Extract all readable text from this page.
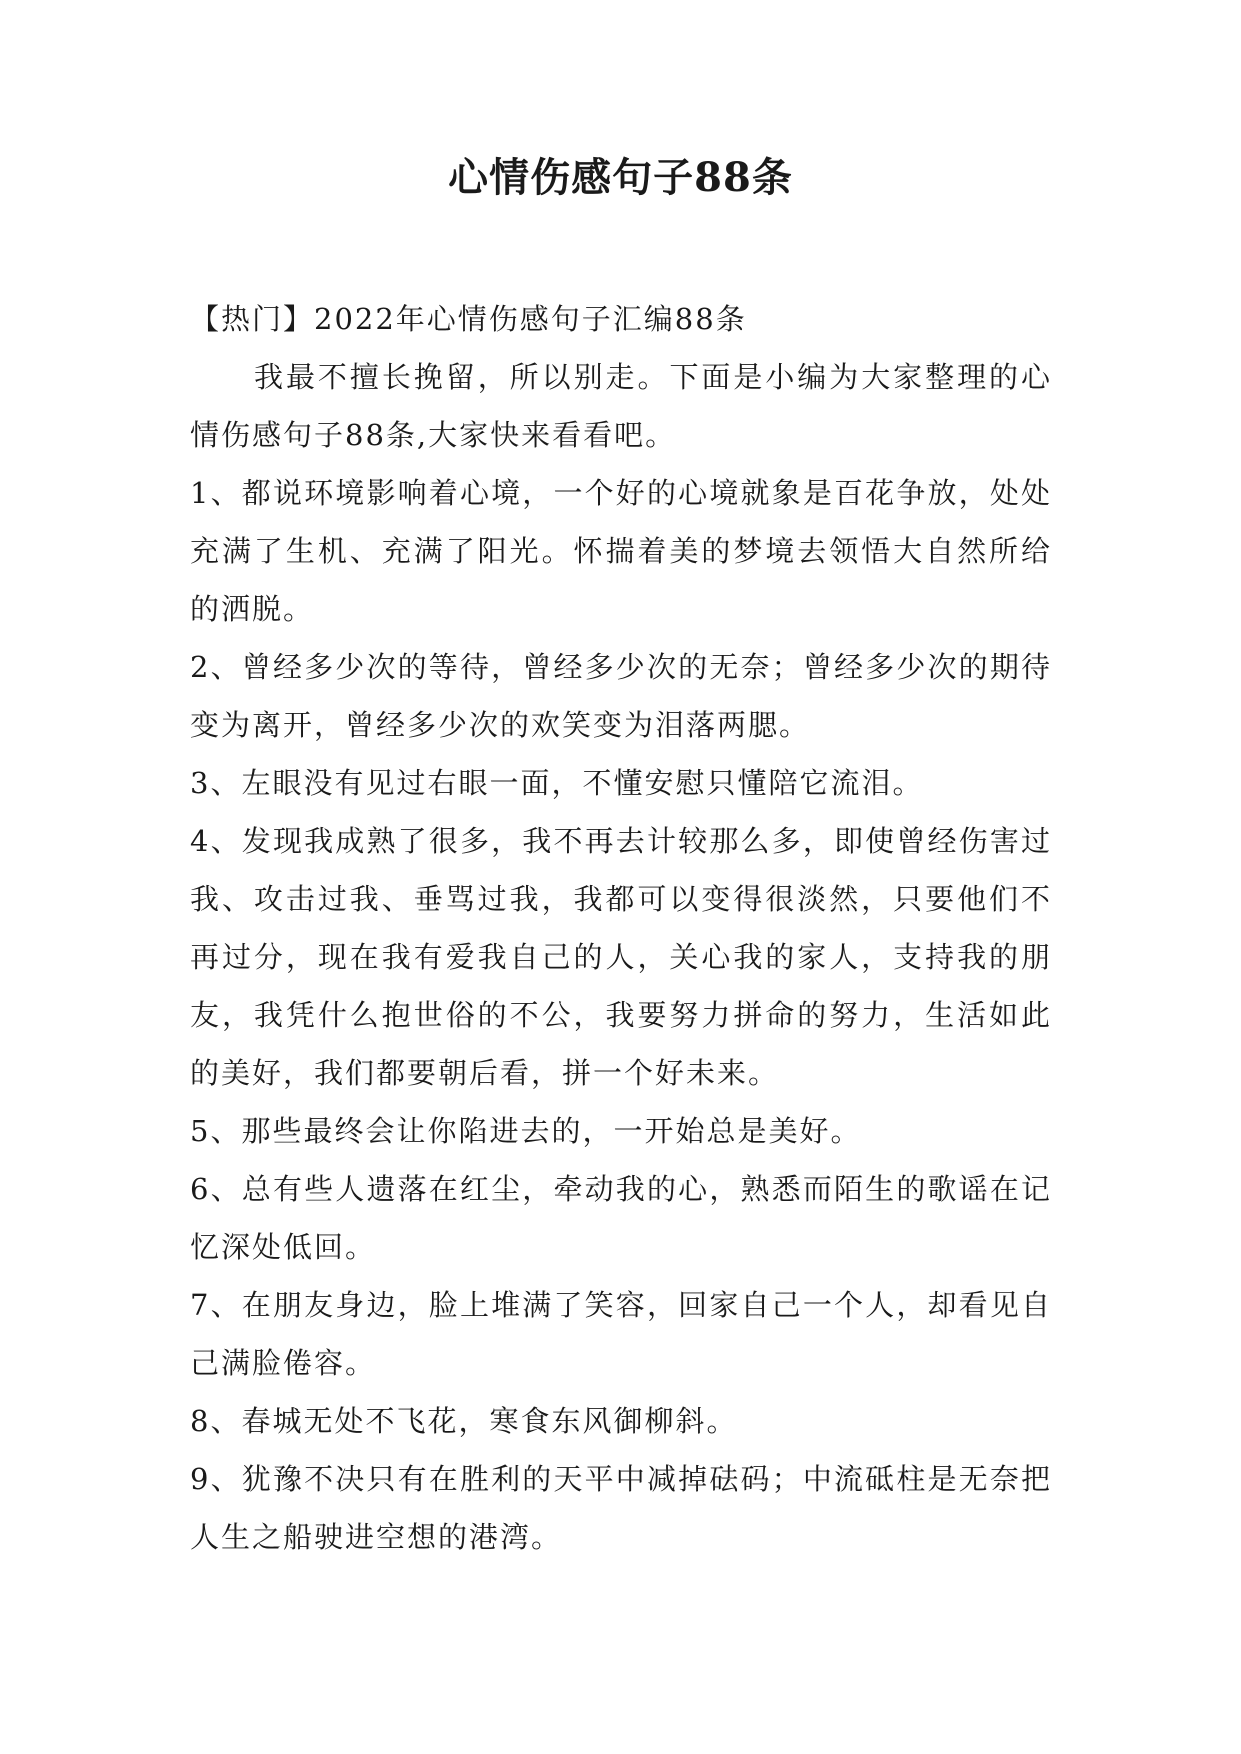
心情伤感句子88条

【热门】2022年心情伤感句子汇编88条

我最不擅长挽留，所以别走。下面是小编为大家整理的心情伤感句子88条,大家快来看看吧。

1、都说环境影响着心境，一个好的心境就象是百花争放，处处充满了生机、充满了阳光。怀揣着美的梦境去领悟大自然所给的洒脱。

2、曾经多少次的等待，曾经多少次的无奈；曾经多少次的期待变为离开，曾经多少次的欢笑变为泪落两腮。

3、左眼没有见过右眼一面，不懂安慰只懂陪它流泪。

4、发现我成熟了很多，我不再去计较那么多，即使曾经伤害过我、攻击过我、垂骂过我，我都可以变得很淡然，只要他们不再过分，现在我有爱我自己的人，关心我的家人，支持我的朋友，我凭什么抱世俗的不公，我要努力拼命的努力，生活如此的美好，我们都要朝后看，拼一个好未来。

5、那些最终会让你陷进去的，一开始总是美好。

6、总有些人遗落在红尘，牵动我的心，熟悉而陌生的歌谣在记忆深处低回。

7、在朋友身边，脸上堆满了笑容，回家自己一个人，却看见自己满脸倦容。

8、春城无处不飞花，寒食东风御柳斜。

9、犹豫不决只有在胜利的天平中减掉砝码；中流砥柱是无奈把人生之船驶进空想的港湾。
